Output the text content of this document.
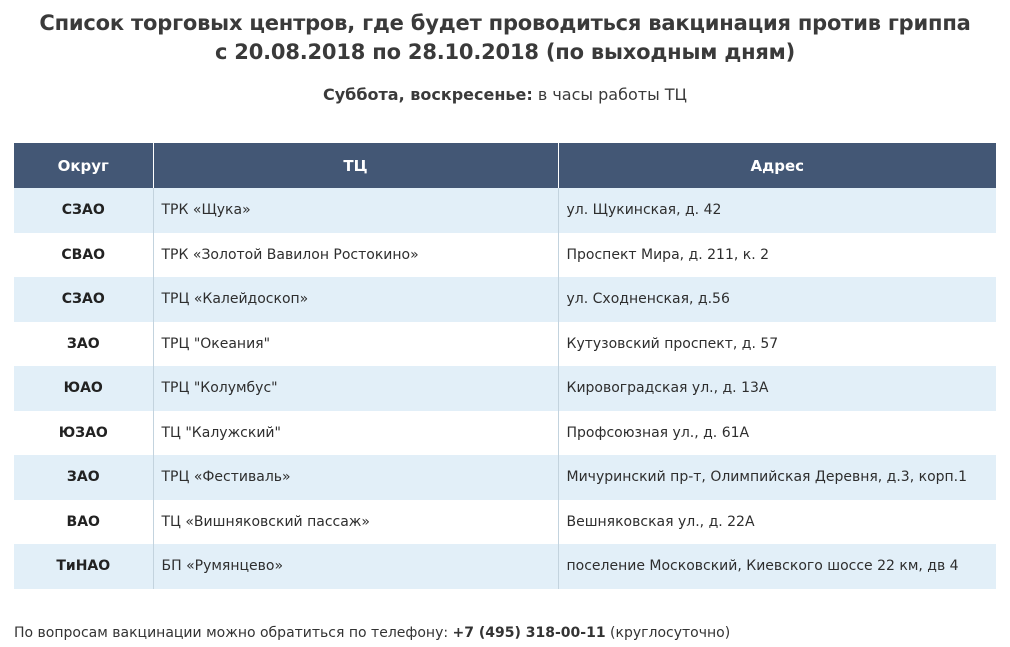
Список торговых центров, где будет проводиться вакцинация против гриппа
с 20.08.2018 по 28.10.2018 (по выходным дням)
Суббота, воскресенье: в часы работы ТЦ
Округ	ТЦ	Адрес
СЗАО	ТРК «Щука»	ул. Щукинская, д. 42
СВАО	ТРК «Золотой Вавилон Ростокино»	Проспект Мира, д. 211, к. 2
СЗАО	ТРЦ «Калейдоскоп»	ул. Сходненская, д.56
ЗАО	ТРЦ "Океания"	Кутузовский проспект, д. 57
ЮАО	ТРЦ "Колумбус"	Кировоградская ул., д. 13А
ЮЗАО	ТЦ "Калужский"	Профсоюзная ул., д. 61А
ЗАО	ТРЦ «Фестиваль»	Мичуринский пр-т, Олимпийская Деревня, д.3, корп.1
ВАО	ТЦ «Вишняковский пассаж»	Вешняковская ул., д. 22А
ТиНАО	БП «Румянцево»	поселение Московский, Киевского шоссе 22 км, дв 4
По вопросам вакцинации можно обратиться по телефону: +7 (495) 318-00-11 (круглосуточно)
